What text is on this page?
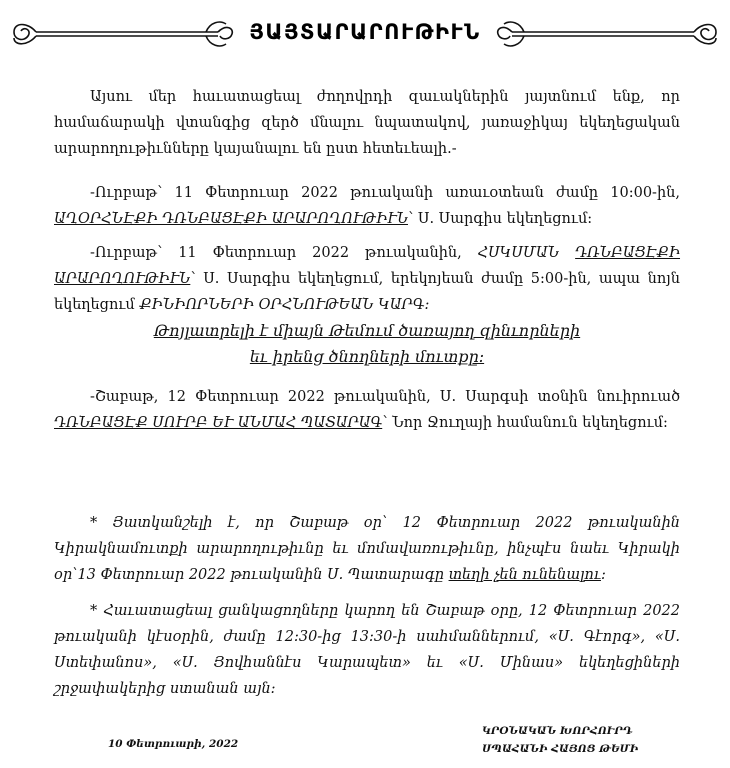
ՅԱՅՏԱՐԱՐՈՒԹԻՒՆ
Այսու մեր հաւատացեալ ժողովրդի զաւակներին յայտնում ենք, որ համաճարակի վտանգից զերծ մնալու նպատակով, յառաջիկայ եկեղեցական արարողութիւնները կայանալու են ըստ հետեւեալի.-
-Ուրբաթ՝ 11 Փետրուար 2022 թուականի առաւօտեան ժամը 10:00-ին, ԱՂՕՐՀՆԷՔԻ ԴՌՆԲԱՑԷՔԻ ԱՐԱՐՈՂՈՒԹԻՒՆ՝ Ս. Սարգիս եկեղեցում:
-Ուրբաթ՝ 11 Փետրուար 2022 թուականին, ՀՍԿՍՄԱՆ ԴՌՆԲԱՑԷՔԻ ԱՐԱՐՈՂՈՒԹԻՒՆ՝ Ս. Սարգիս եկեղեցում, երեկոյեան ժամը 5:00-ին, ապա նոյն եկեղեցում ՔԻՆԻՈՐՆԵՐԻ ՕՐՀՆՈՒԹԵԱՆ ԿԱՐԳ:
Թոյլատրելի է միայն Թեմում ծառայող զինւորների
եւ իրենց ծնողների մուտքը:
-Շաբաթ, 12 Փետրուար 2022 թուականին, Ս. Սարգսի տօնին նուիրուած ԴՌՆԲԱՑԷՔ ՍՈՒՐԲ ԵՒ ԱՆՄԱՀ ՊԱՏԱՐԱԳ՝ Նոր Ջուղայի համանուն եկեղեցում:
* Յատկանշելի է, որ Շաբաթ օր՝ 12 Փետրուար 2022 թուականին Կիրակնամուտքի արարողութիւնը եւ մոմավառութիւնը, ինչպէս նաեւ Կիրակի օր՝13 Փետրուար 2022 թուականին Ս. Պատարագը տեղի չեն ունենալու:
* Հաւատացեալ ցանկացողները կարող են Շաբաթ օրը, 12 Փետրուար 2022 թուականի կէսօրին, ժամը 12:30-ից 13:30-ի սահմաններում, «Ս. Գէորգ», «Ս. Ստեփանոս», «Ս. Յովհաննէս Կարապետ» եւ «Ս. Մինաս» եկեղեցիների շրջափակերից ստանան այն:
10 Փետրուարի, 2022
ԿՐՕՆԱԿԱՆ ԽՈՐՀՈՒՐԴ
ՍՊԱՀԱՆԻ ՀԱՅՈՑ ԹԵՄԻ
